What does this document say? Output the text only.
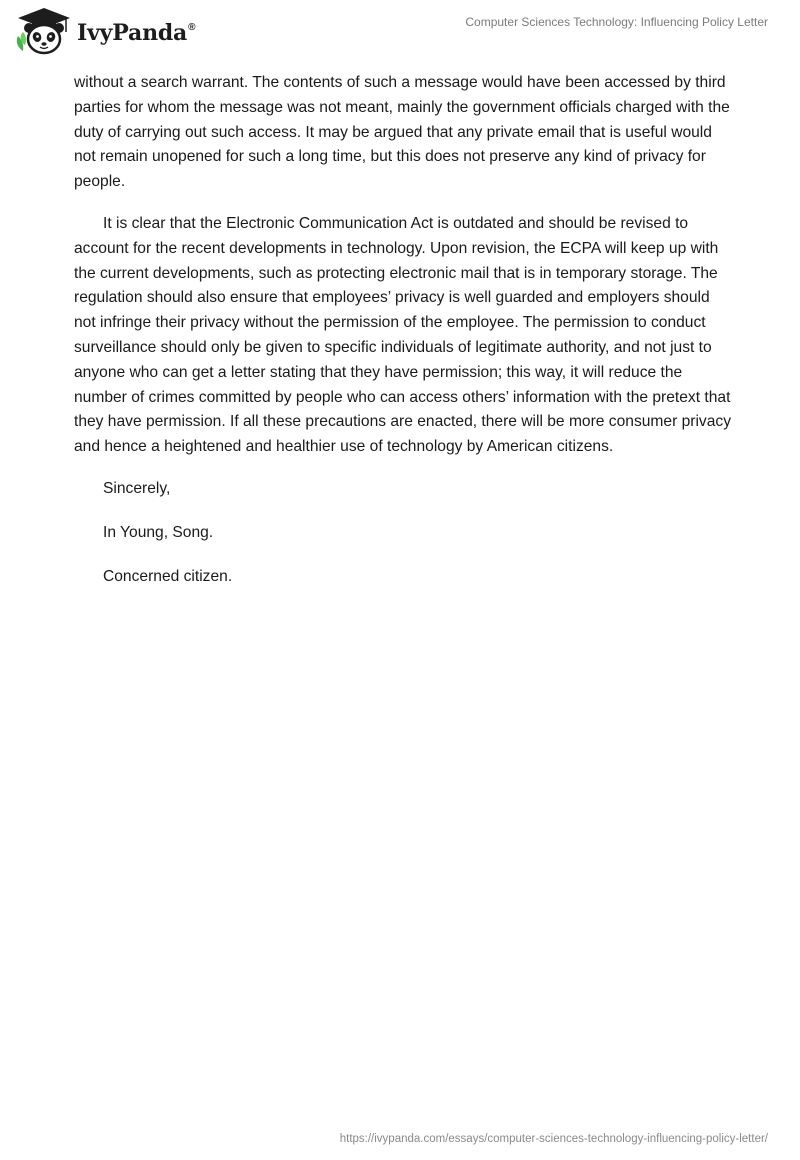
IvyPanda®	Computer Sciences Technology: Influencing Policy Letter

without a search warrant. The contents of such a message would have been accessed by third parties for whom the message was not meant, mainly the government officials charged with the duty of carrying out such access. It may be argued that any private email that is useful would not remain unopened for such a long time, but this does not preserve any kind of privacy for people.

It is clear that the Electronic Communication Act is outdated and should be revised to account for the recent developments in technology. Upon revision, the ECPA will keep up with the current developments, such as protecting electronic mail that is in temporary storage. The regulation should also ensure that employees’ privacy is well guarded and employers should not infringe their privacy without the permission of the employee. The permission to conduct surveillance should only be given to specific individuals of legitimate authority, and not just to anyone who can get a letter stating that they have permission; this way, it will reduce the number of crimes committed by people who can access others’ information with the pretext that they have permission. If all these precautions are enacted, there will be more consumer privacy and hence a heightened and healthier use of technology by American citizens.

Sincerely,

In Young, Song.

Concerned citizen.

https://ivypanda.com/essays/computer-sciences-technology-influencing-policy-letter/
